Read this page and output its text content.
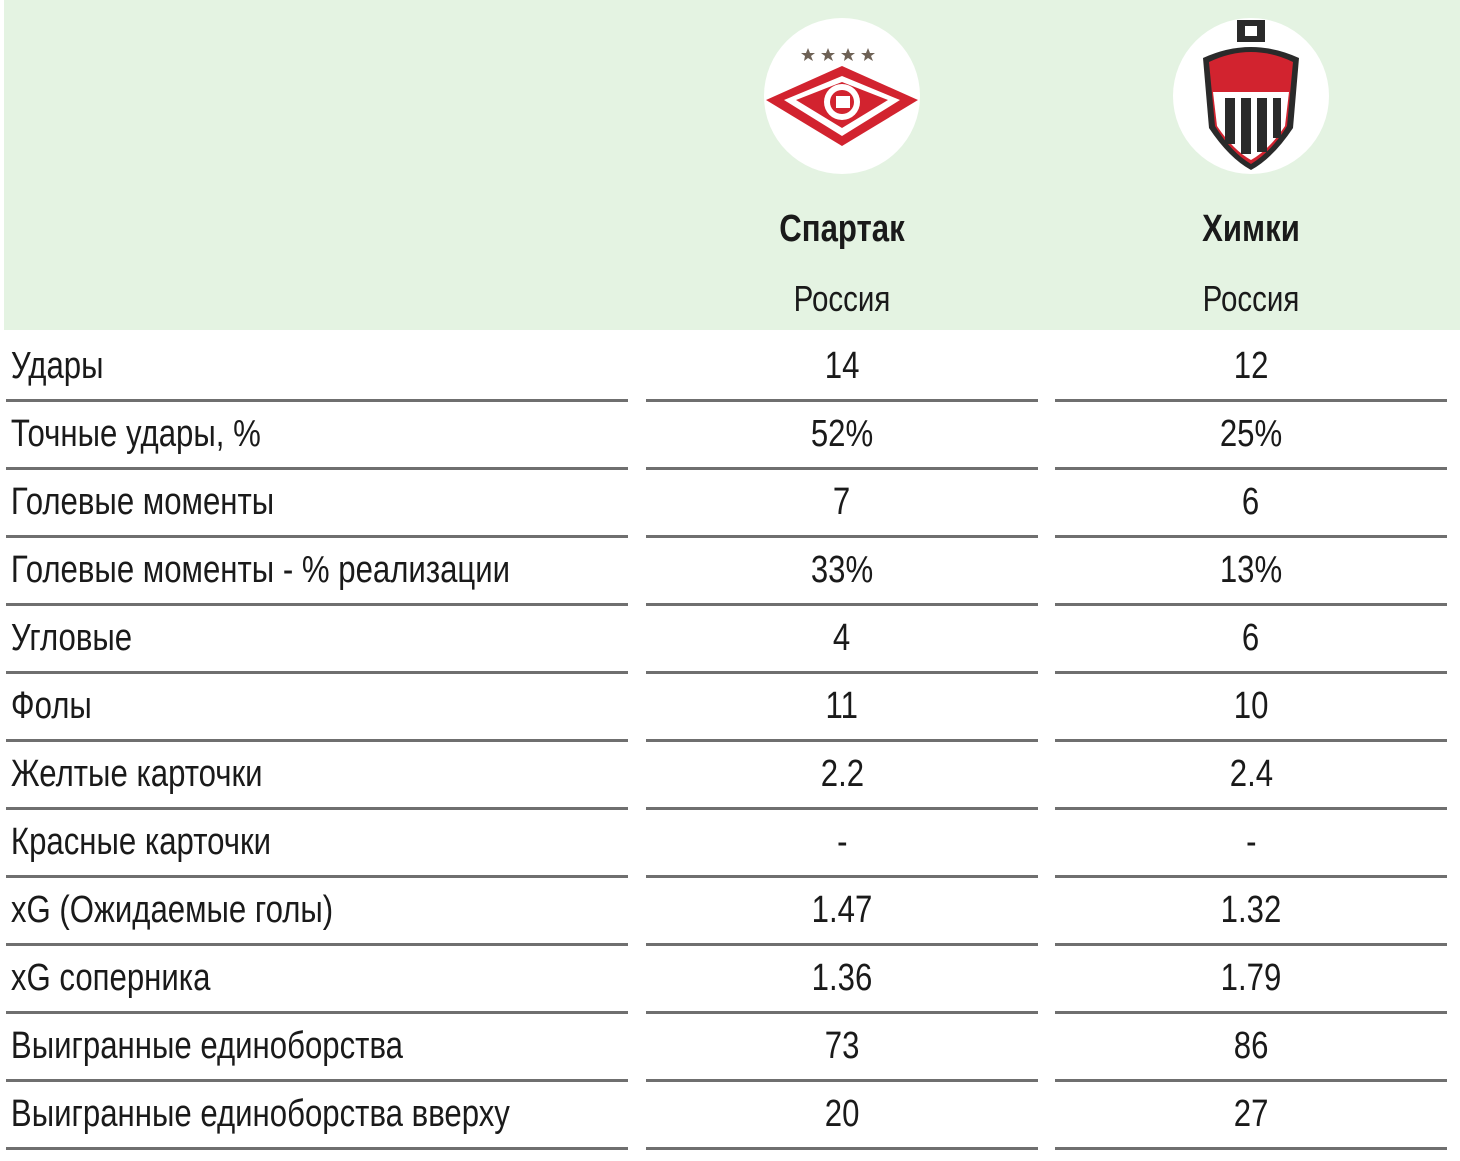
Спартак
Россия
Химки
Россия
Удары	14	12
Точные удары, %	52%	25%
Голевые моменты	7	6
Голевые моменты - % реализации	33%	13%
Угловые	4	6
Фолы	11	10
Желтые карточки	2.2	2.4
Красные карточки	-	-
xG (Ожидаемые голы)	1.47	1.32
xG соперника	1.36	1.79
Выигранные единоборства	73	86
Выигранные единоборства вверху	20	27
